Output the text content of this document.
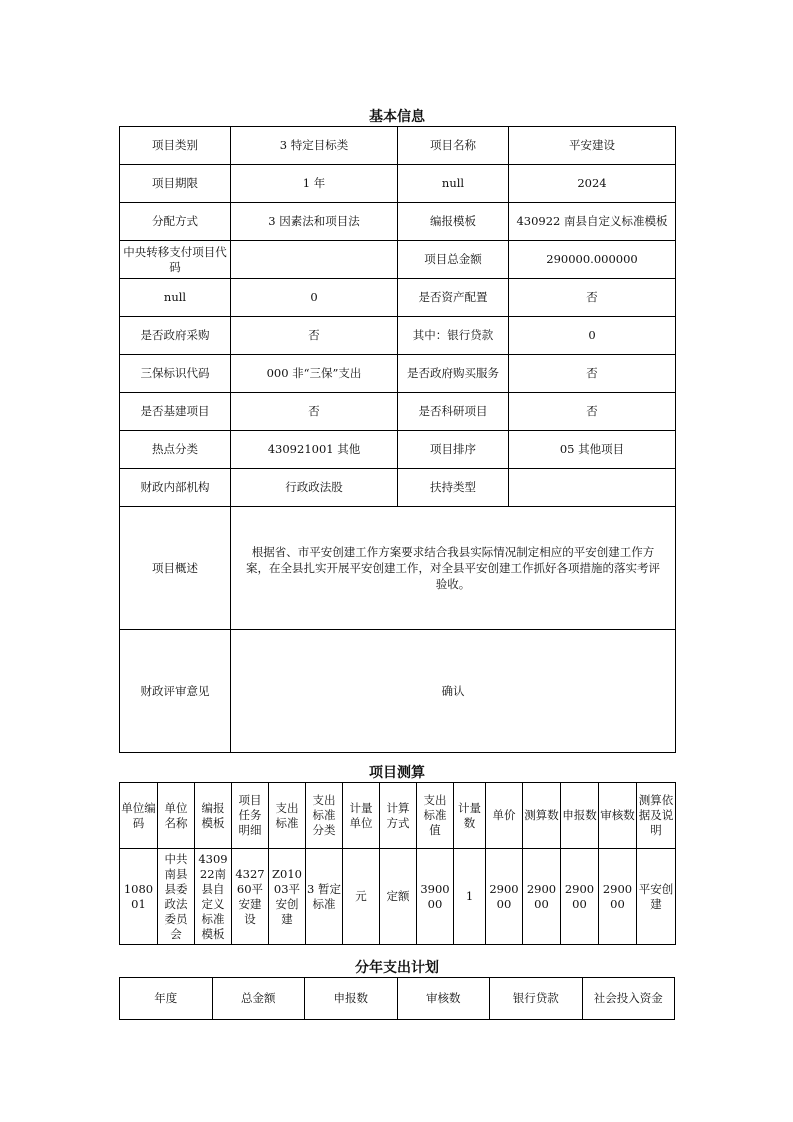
基本信息
项目类别	3 特定目标类	项目名称	平安建设
项目期限	1 年	null	2024
分配方式	3 因素法和项目法	编报模板	430922 南县自定义标准模板
中央转移支付项目代码		项目总金额	290000.000000
null	0	是否资产配置	否
是否政府采购	否	其中：银行贷款	0
三保标识代码	000 非“三保”支出	是否政府购买服务	否
是否基建项目	否	是否科研项目	否
热点分类	430921001 其他	项目排序	05 其他项目
财政内部机构	行政政法股	扶持类型	
项目概述	根据省、市平安创建工作方案要求结合我县实际情况制定相应的平安创建工作方案，在全县扎实开展平安创建工作，对全县平安创建工作抓好各项措施的落实考评验收。		
财政评审意见	确认		
项目测算
单位编码	单位名称	编报模板	项目任务明细	支出标准	支出标准分类	计量单位	计算方式	支出标准值	计量数	单价	测算数	申报数	审核数	测算依据及说明
108001	中共南县县委政法委员会	430922南县自定义标准模板	432760平安建设	Z01003平安创建	3 暂定标准	元	定额	390000	1	290000	290000	290000	290000	平安创建
分年支出计划
年度	总金额	申报数	审核数	银行贷款	社会投入资金
